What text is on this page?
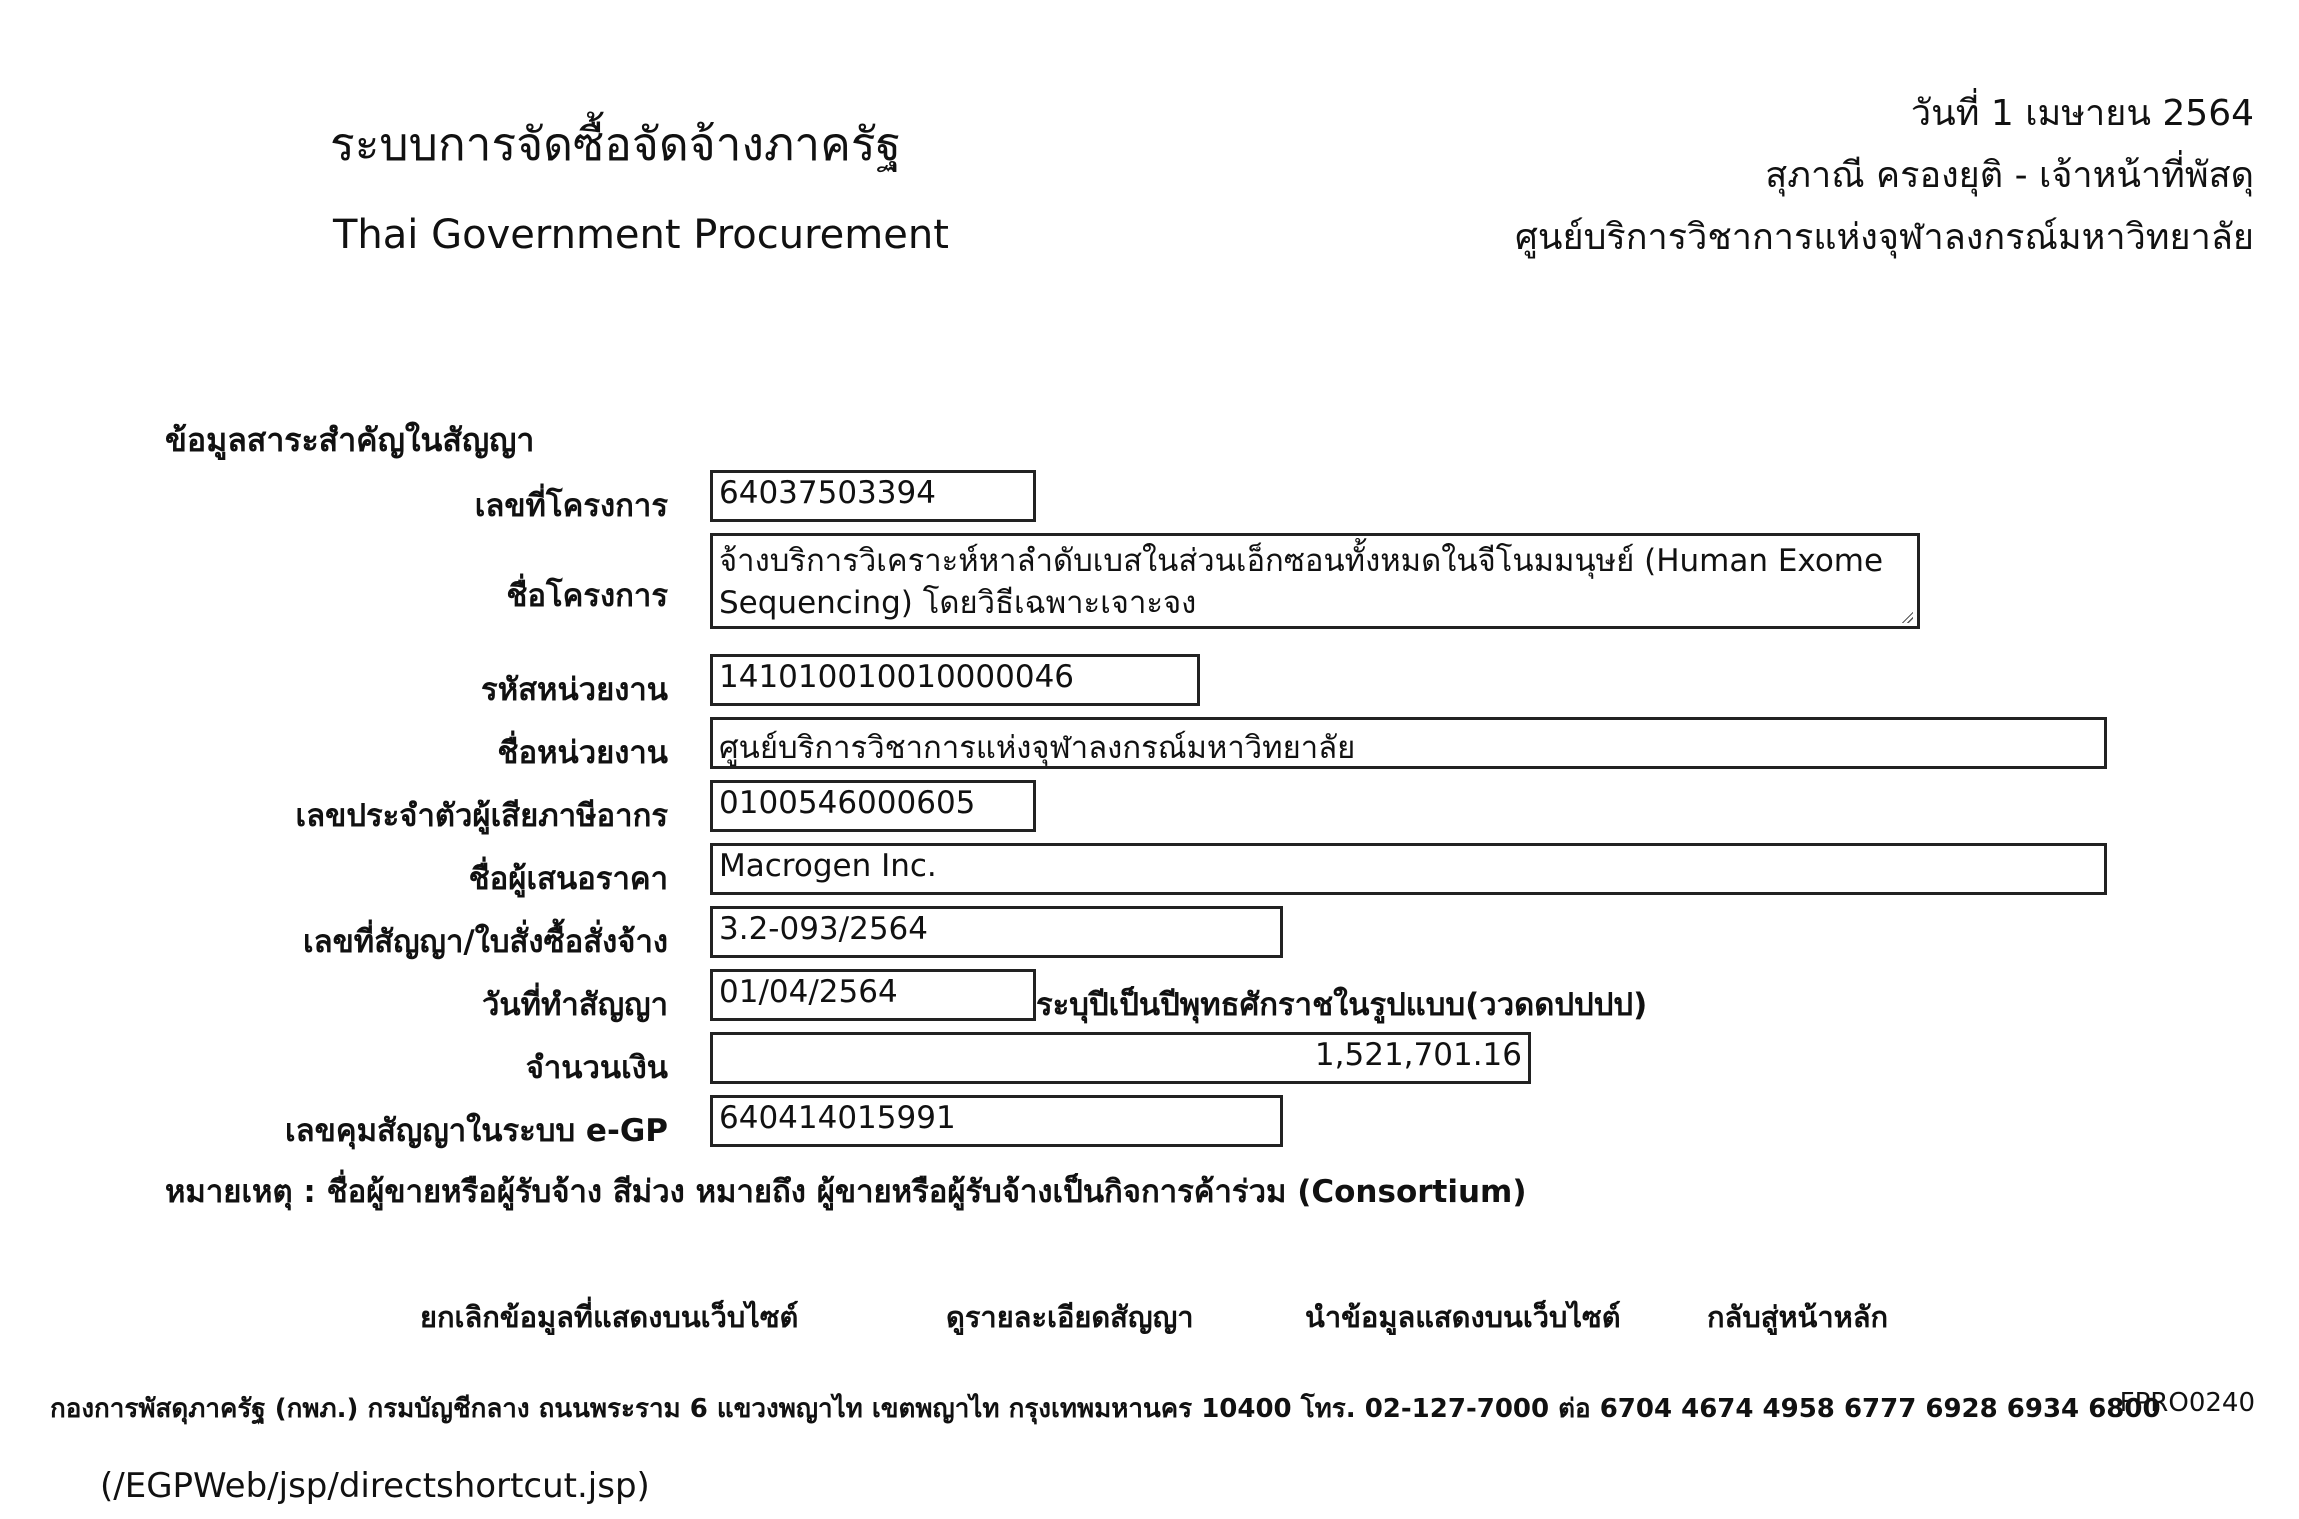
ระบบการจัดซื้อจัดจ้างภาครัฐ
Thai Government Procurement
วันที่ 1 เมษายน 2564
สุภาณี ครองยุติ - เจ้าหน้าที่พัสดุ
ศูนย์บริการวิชาการแห่งจุฬาลงกรณ์มหาวิทยาลัย
ข้อมูลสาระสำคัญในสัญญา
เลขที่โครงการ 64037503394
ชื่อโครงการ
จ้างบริการวิเคราะห์หาลำดับเบสในส่วนเอ็กซอนทั้งหมดในจีโนมมนุษย์ (Human Exome Sequencing) โดยวิธีเฉพาะเจาะจง
รหัสหน่วยงาน 141010010010000046
ชื่อหน่วยงาน ศูนย์บริการวิชาการแห่งจุฬาลงกรณ์มหาวิทยาลัย
เลขประจำตัวผู้เสียภาษีอากร 0100546000605
ชื่อผู้เสนอราคา Macrogen Inc.
เลขที่สัญญา/ใบสั่งซื้อสั่งจ้าง 3.2-093/2564
วันที่ทำสัญญา 01/04/2564	ระบุปีเป็นปีพุทธศักราชในรูปแบบ(ววดดปปปป)
จำนวนเงิน	1,521,701.16
เลขคุมสัญญาในระบบ e-GP 640414015991
หมายเหตุ : ชื่อผู้ขายหรือผู้รับจ้าง สีม่วง หมายถึง ผู้ขายหรือผู้รับจ้างเป็นกิจการค้าร่วม (Consortium)
ยกเลิกข้อมูลที่แสดงบนเว็บไซต์	ดูรายละเอียดสัญญา	นำข้อมูลแสดงบนเว็บไซต์	กลับสู่หน้าหลัก
กองการพัสดุภาครัฐ (กพภ.) กรมบัญชีกลาง ถนนพระราม 6 แขวงพญาไท เขตพญาไท กรุงเทพมหานคร 10400 โทร. 02-127-7000 ต่อ 6704 4674 4958 6777 6928 6934 6800
FPRO0240
(/EGPWeb/jsp/directshortcut.jsp)
